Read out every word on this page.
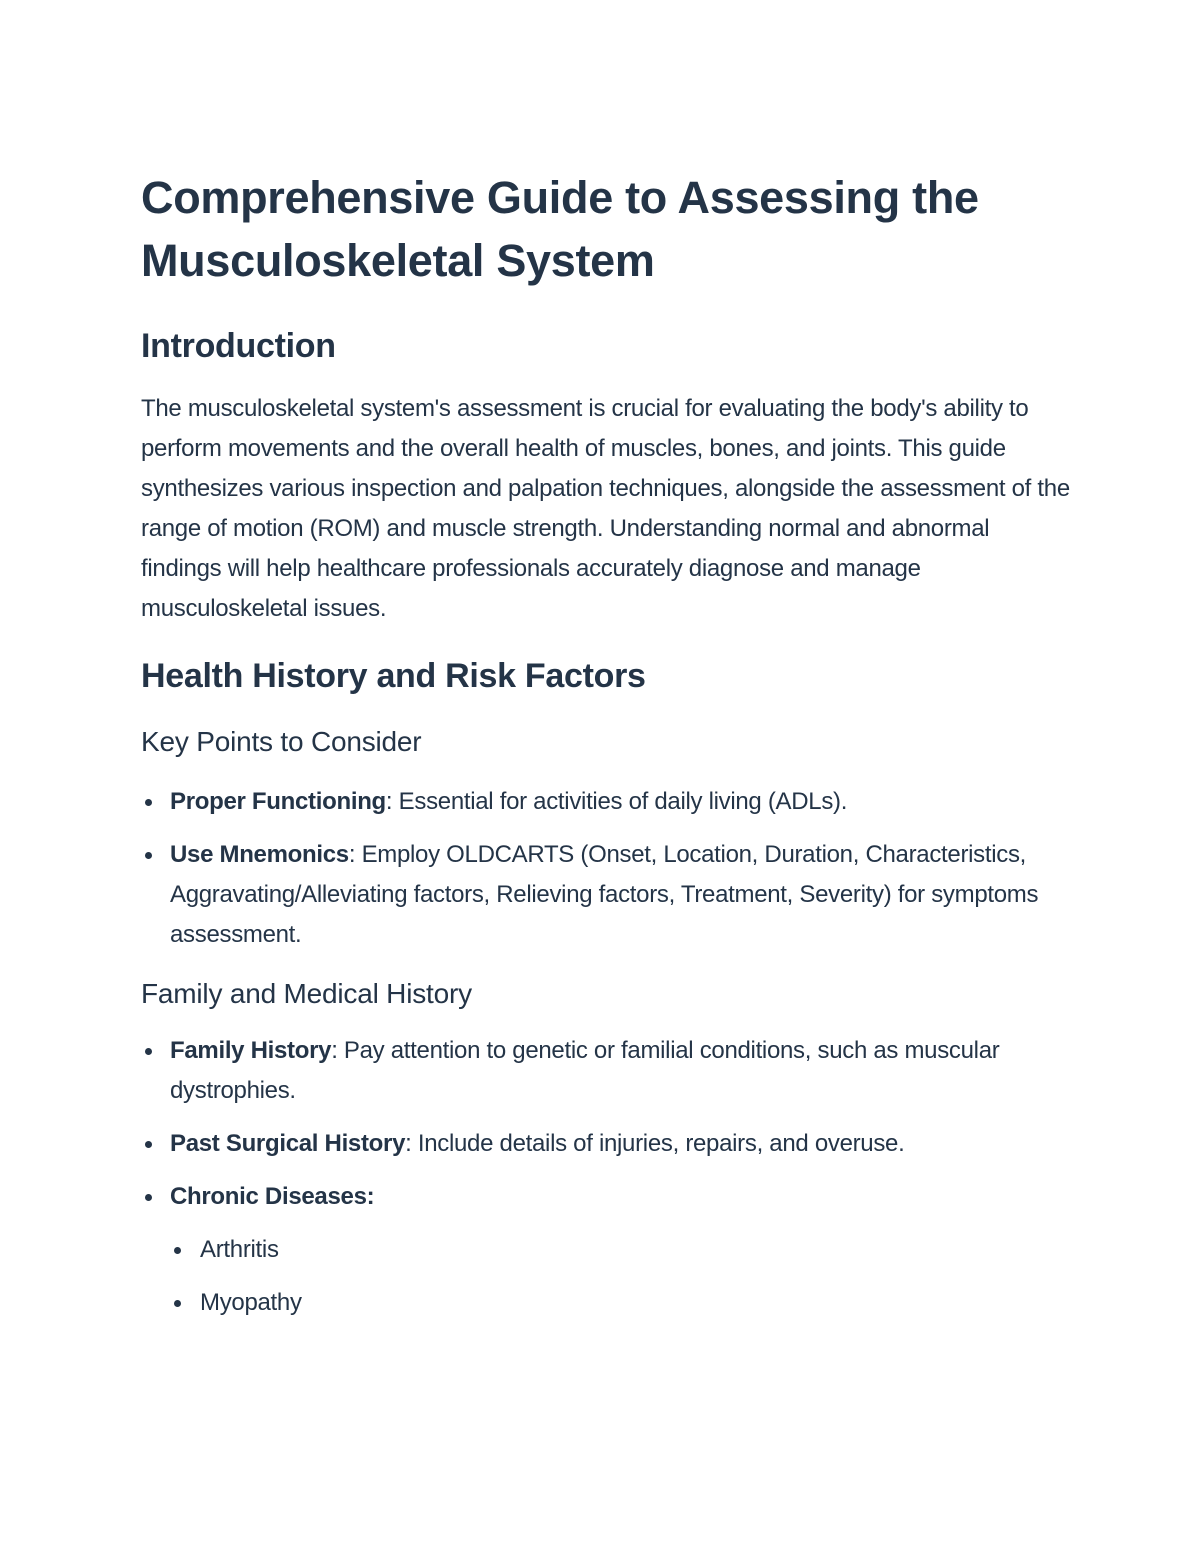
Comprehensive Guide to Assessing the Musculoskeletal System
Introduction

The musculoskeletal system's assessment is crucial for evaluating the body's ability to perform movements and the overall health of muscles, bones, and joints. This guide synthesizes various inspection and palpation techniques, alongside the assessment of the range of motion (ROM) and muscle strength. Understanding normal and abnormal findings will help healthcare professionals accurately diagnose and manage musculoskeletal issues.

Health History and Risk Factors
Key Points to Consider
Proper Functioning: Essential for activities of daily living (ADLs).
Use Mnemonics: Employ OLDCARTS (Onset, Location, Duration, Characteristics, Aggravating/Alleviating factors, Relieving factors, Treatment, Severity) for symptoms assessment.
Family and Medical History
Family History: Pay attention to genetic or familial conditions, such as muscular dystrophies.
Past Surgical History: Include details of injuries, repairs, and overuse.
Chronic Diseases:
Arthritis
Myopathy
